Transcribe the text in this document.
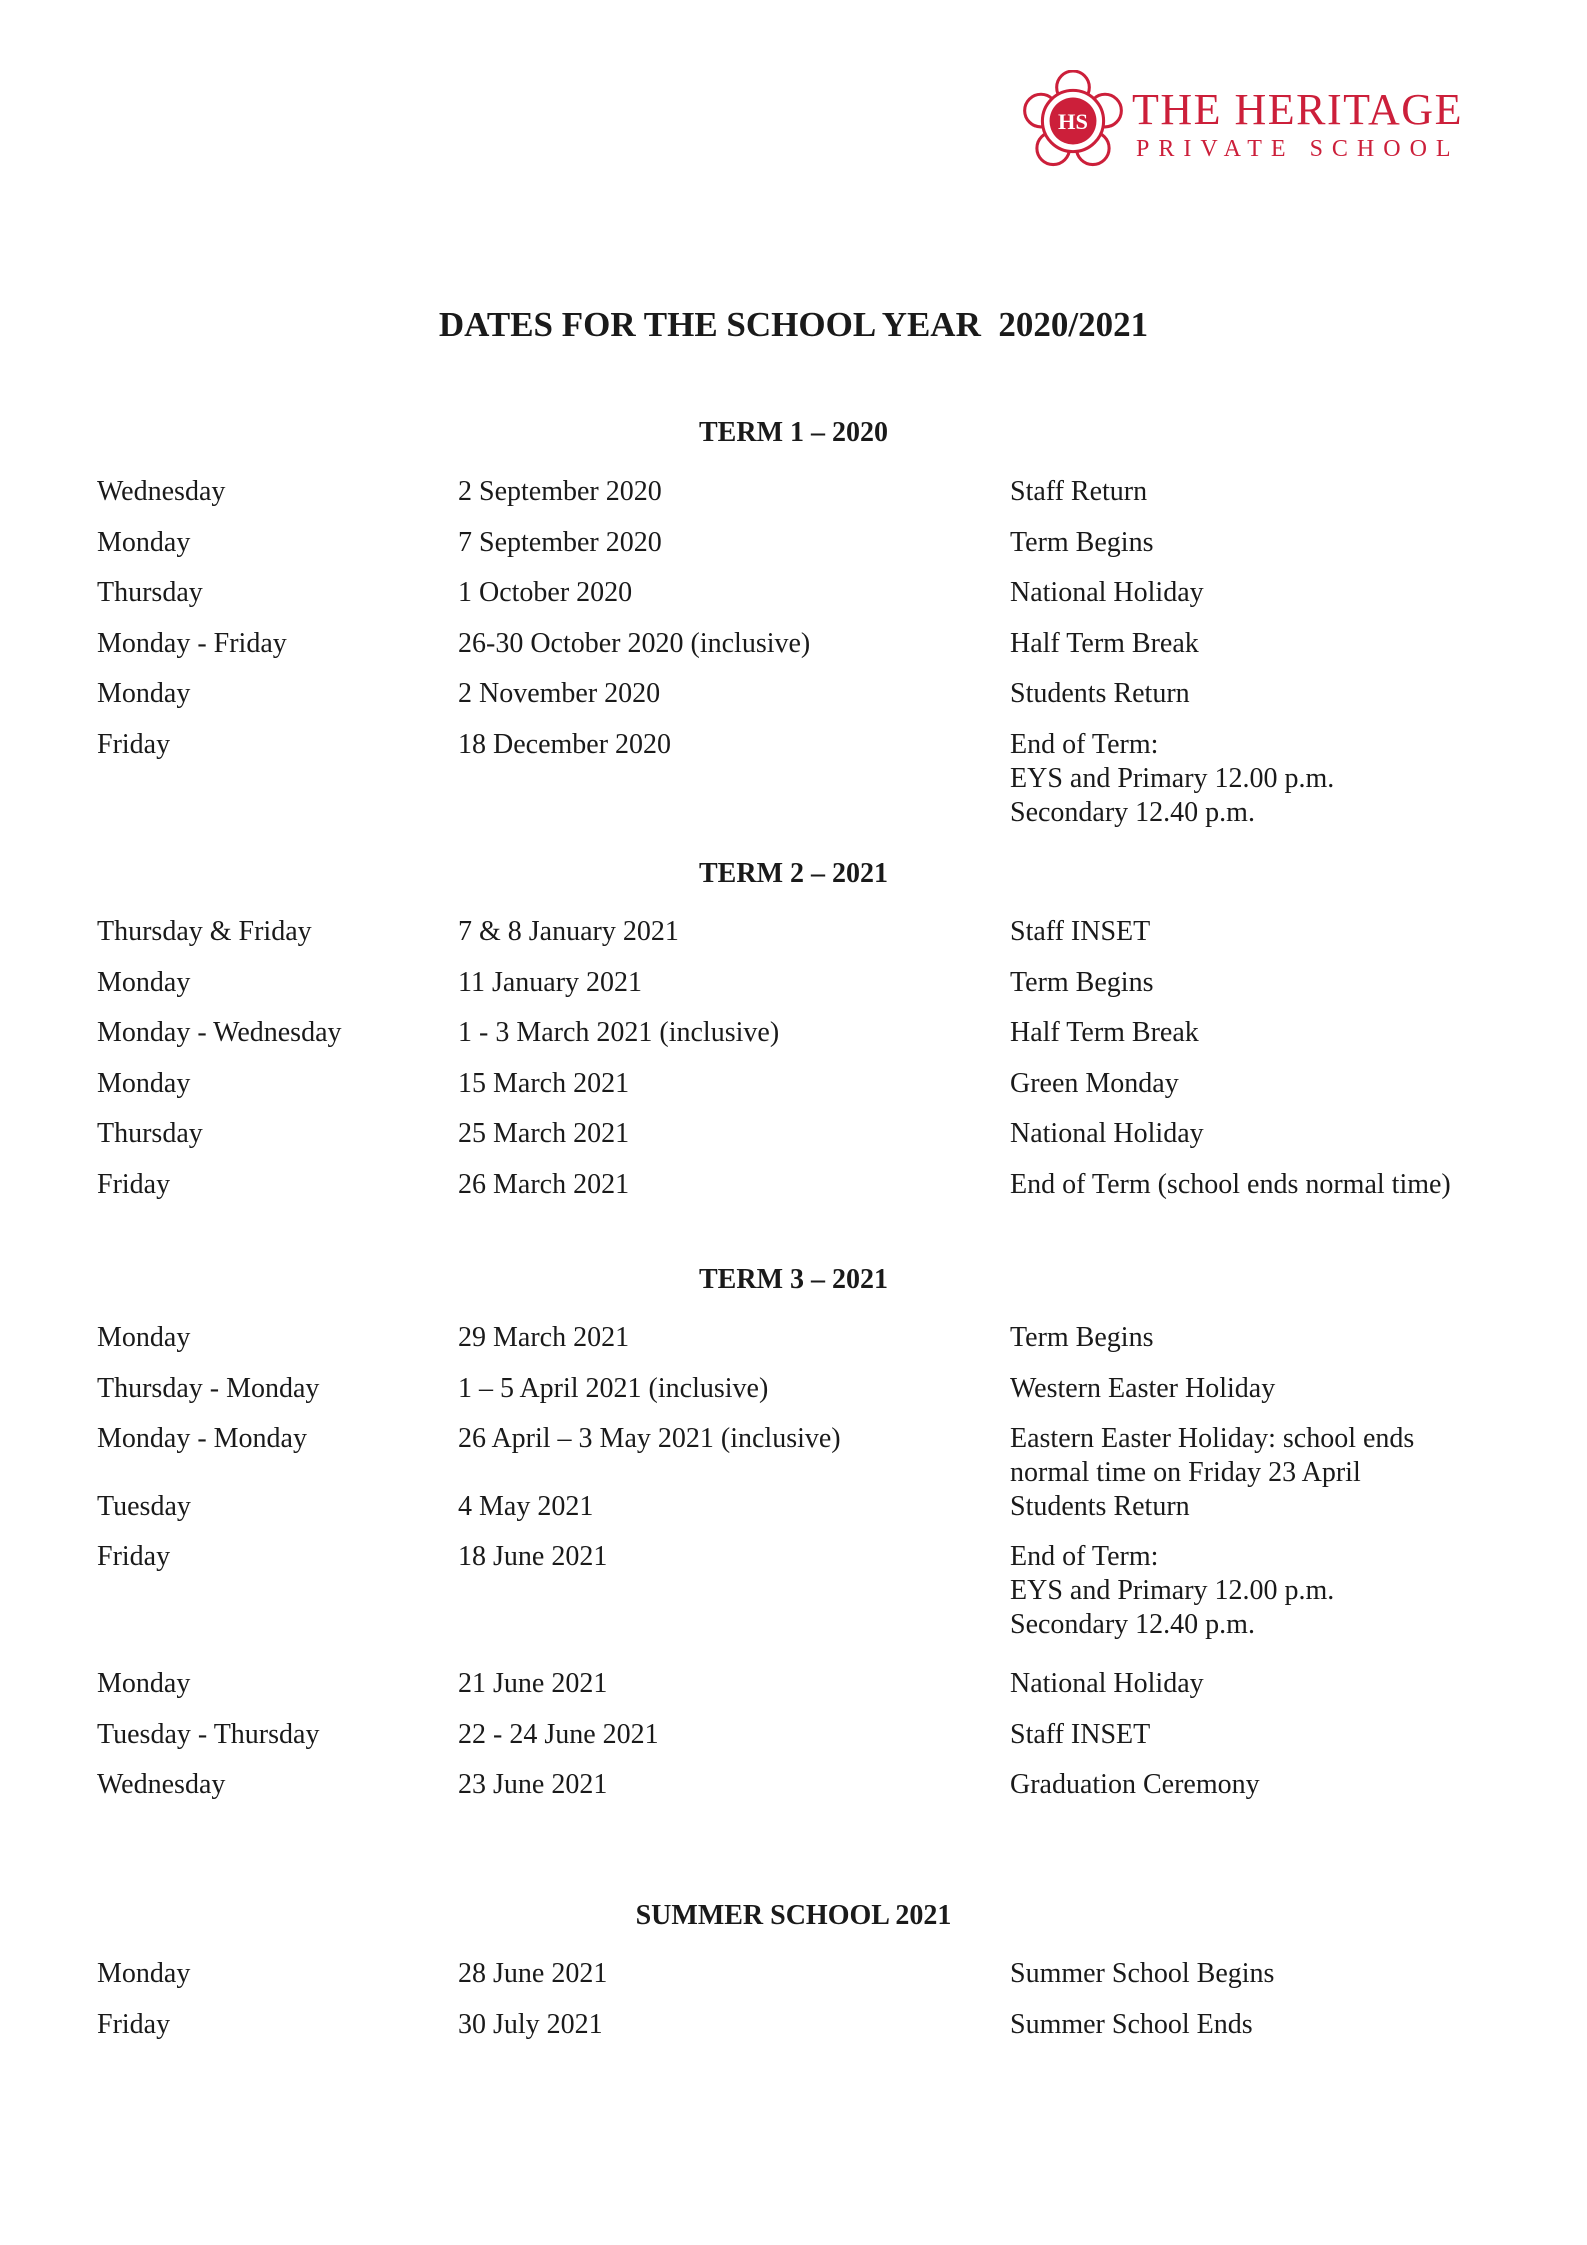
HS THE HERITAGE
PRIVATE SCHOOL
DATES FOR THE SCHOOL YEAR  2020/2021
TERM 1 – 2020
Wednesday	2 September 2020	Staff Return
Monday	7 September 2020	Term Begins
Thursday	1 October 2020	National Holiday
Monday - Friday	26-30 October 2020 (inclusive)	Half Term Break
Monday	2 November 2020	Students Return
Friday	18 December 2020	End of Term:
EYS and Primary 12.00 p.m.
Secondary 12.40 p.m.
TERM 2 – 2021
Thursday & Friday	7 & 8 January 2021	Staff INSET
Monday	11 January 2021	Term Begins
Monday - Wednesday	1 - 3 March 2021 (inclusive)	Half Term Break
Monday	15 March 2021	Green Monday
Thursday	25 March 2021	National Holiday
Friday	26 March 2021	End of Term (school ends normal time)
TERM 3 – 2021
Monday	29 March 2021	Term Begins
Thursday - Monday	1 – 5 April 2021 (inclusive)	Western Easter Holiday
Monday - Monday	26 April – 3 May 2021 (inclusive)	Eastern Easter Holiday: school ends
normal time on Friday 23 April
Tuesday	4 May 2021	Students Return
Friday	18 June 2021	End of Term:
EYS and Primary 12.00 p.m.
Secondary 12.40 p.m.
Monday	21 June 2021	National Holiday
Tuesday - Thursday	22 - 24 June 2021	Staff INSET
Wednesday	23 June 2021	Graduation Ceremony
SUMMER SCHOOL 2021
Monday	28 June 2021	Summer School Begins
Friday	30 July 2021	Summer School Ends
